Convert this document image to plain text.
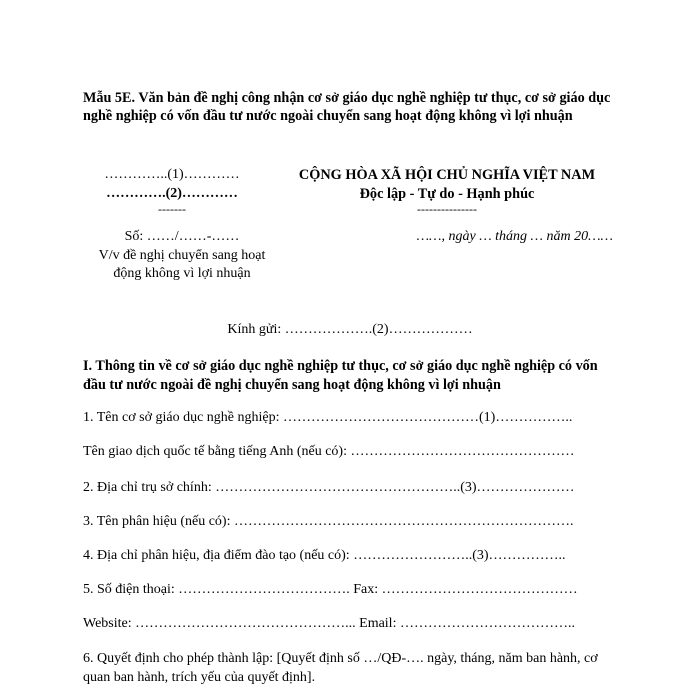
Mẫu 5E. Văn bản đề nghị công nhận cơ sở giáo dục nghề nghiệp tư thục, cơ sở giáo dục nghề nghiệp có vốn đầu tư nước ngoài chuyển sang hoạt động không vì lợi nhuận
…………..(1)…………
………….(2)…………
-------
CỘNG HÒA XÃ HỘI CHỦ NGHĨA VIỆT NAM
Độc lập - Tự do - Hạnh phúc
---------------
Số: ……/……-……
V/v đề nghị chuyển sang hoạt
động không vì lợi nhuận
……, ngày … tháng … năm 20……
Kính gửi: ……………….(2)………………
I. Thông tin về cơ sở giáo dục nghề nghiệp tư thục, cơ sở giáo dục nghề nghiệp có vốn đầu tư nước ngoài đề nghị chuyển sang hoạt động không vì lợi nhuận
1. Tên cơ sở giáo dục nghề nghiệp: ……………………………………(1)……………..
Tên giao dịch quốc tế bằng tiếng Anh (nếu có): …………………………………………
2. Địa chỉ trụ sở chính: ……………………………………………..(3)…………………
3. Tên phân hiệu (nếu có): ……………………………………………………………….
4. Địa chỉ phân hiệu, địa điểm đào tạo (nếu có): ……………………..(3)……………..
5. Số điện thoại: ………………………………. Fax: ……………………………………
Website: ………………………………………... Email: ………………………………..
6. Quyết định cho phép thành lập: [Quyết định số …/QĐ-…. ngày, tháng, năm ban hành, cơ quan ban hành, trích yếu của quyết định].
